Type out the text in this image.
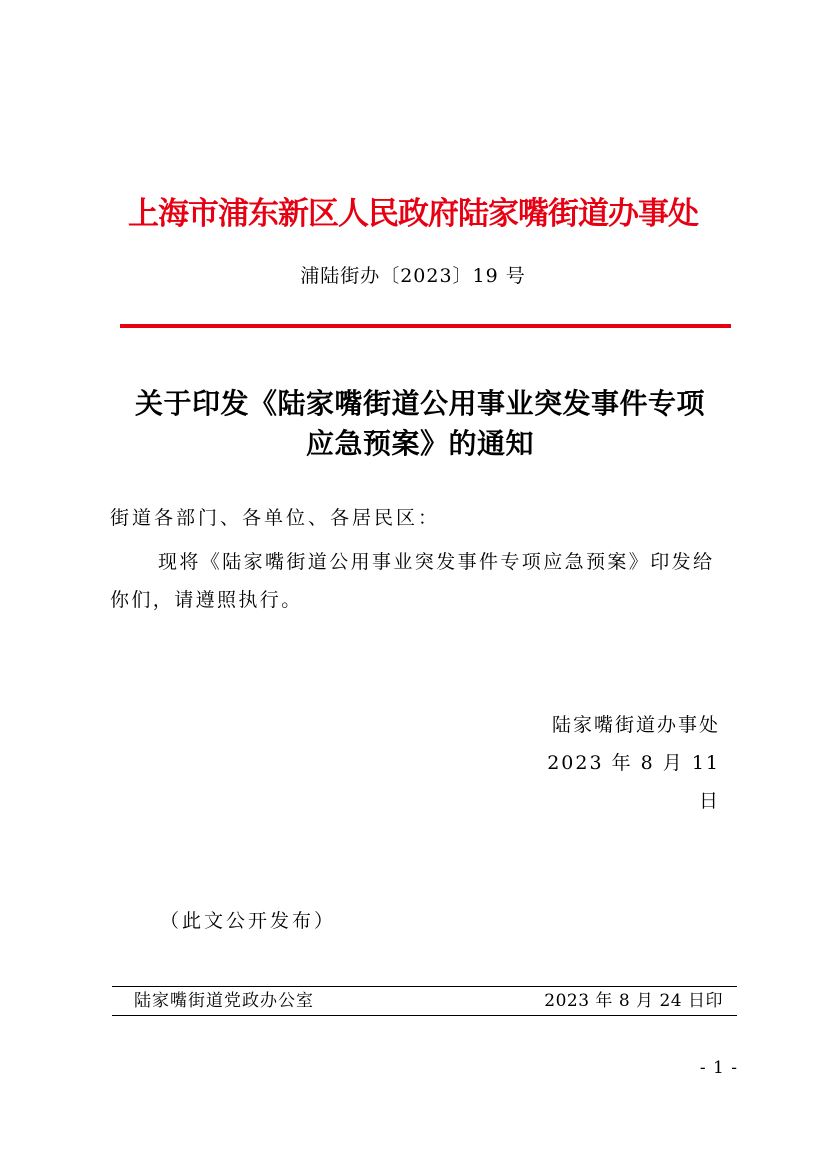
上海市浦东新区人民政府陆家嘴街道办事处
浦陆街办〔2023〕19 号
关于印发《陆家嘴街道公用事业突发事件专项
应急预案》的通知
街道各部门、各单位、各居民区：
现将《陆家嘴街道公用事业突发事件专项应急预案》印发给你们，请遵照执行。
陆家嘴街道办事处
2023 年 8 月 11 日
（此文公开发布）
陆家嘴街道党政办公室	2023 年 8 月 24 日印
- 1 -
